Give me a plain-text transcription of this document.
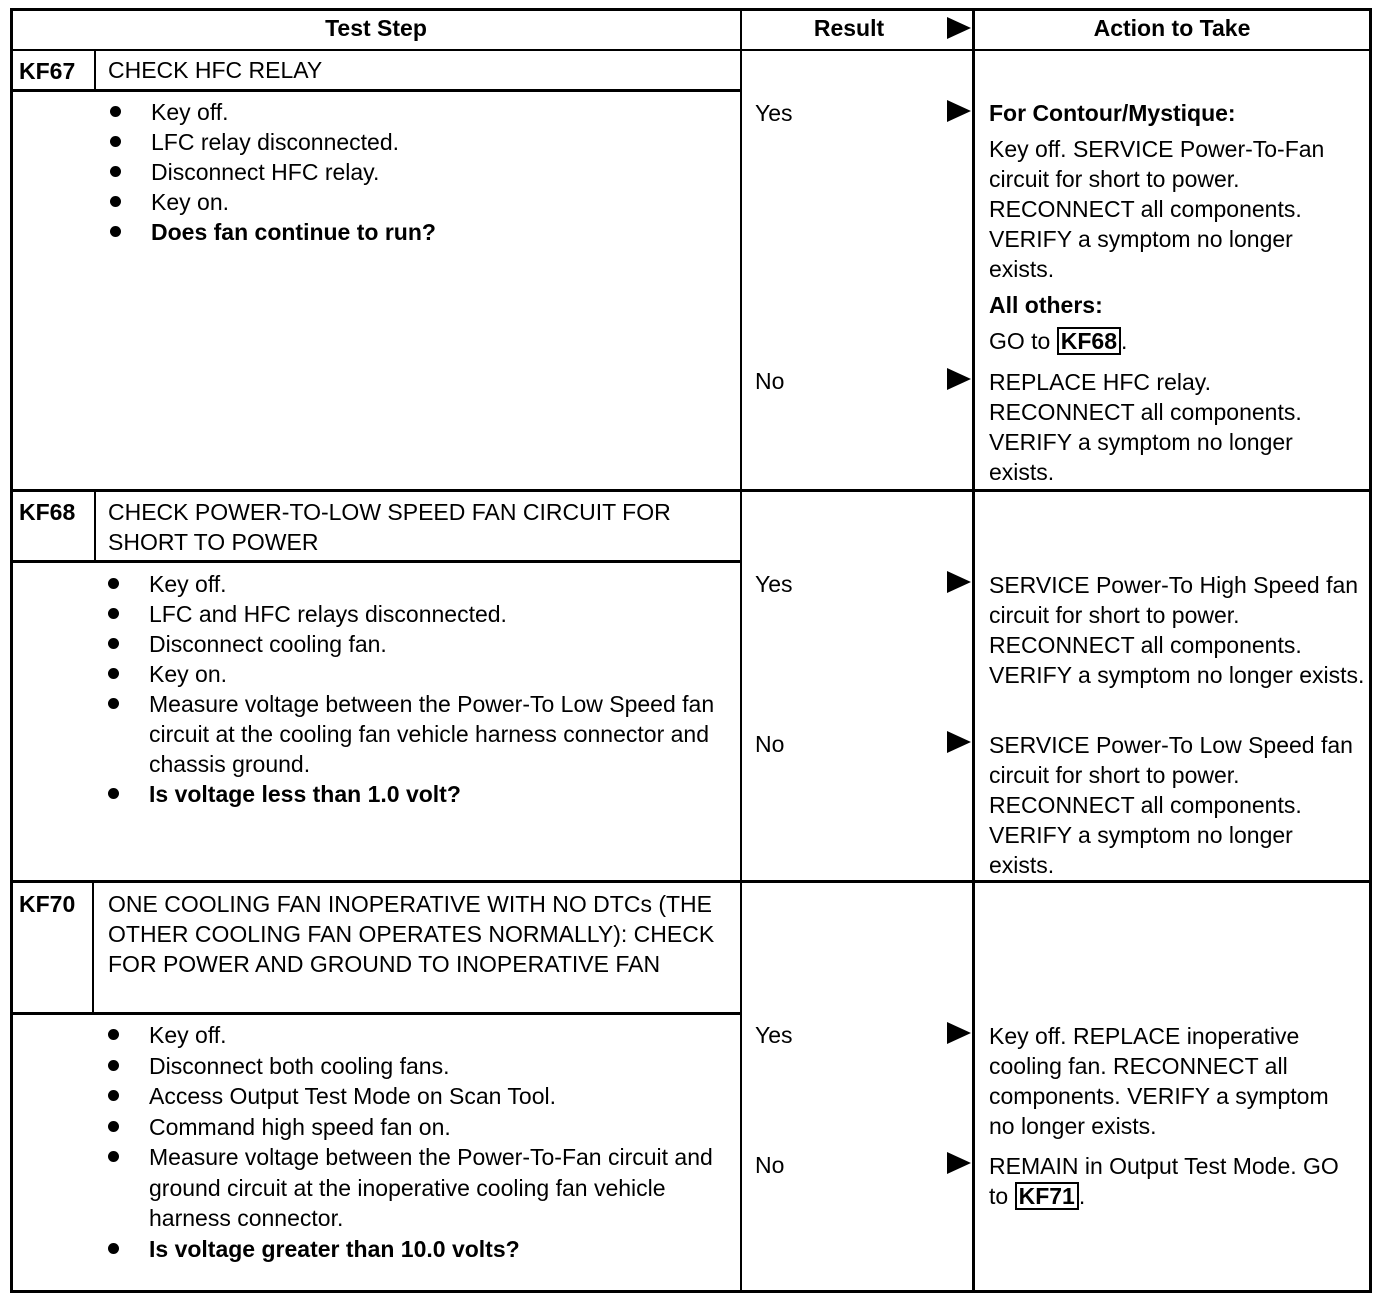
Test Step	Result	Action to Take
KF67 CHECK HFC RELAY
Key off.
LFC relay disconnected.
Disconnect HFC relay.
Key on.
Does fan continue to run?
Yes	For Contour/Mystique:

Key off. SERVICE Power-To-Fan circuit for short to power. RECONNECT all components. VERIFY a symptom no longer exists.

All others:

GO to KF68 .

No	REPLACE HFC relay. RECONNECT all components. VERIFY a symptom no longer exists.
KF68 CHECK POWER-TO-LOW SPEED FAN CIRCUIT FOR SHORT TO POWER
Key off.
LFC and HFC relays disconnected.
Disconnect cooling fan.
Key on.
Measure voltage between the Power-To Low Speed fan circuit at the cooling fan vehicle harness connector and chassis ground.
Is voltage less than 1.0 volt?
Yes	SERVICE Power-To High Speed fan circuit for short to power. RECONNECT all components. VERIFY a symptom no longer exists.
No	SERVICE Power-To Low Speed fan circuit for short to power. RECONNECT all components. VERIFY a symptom no longer exists.
KF70 ONE COOLING FAN INOPERATIVE WITH NO DTCs (THE OTHER COOLING FAN OPERATES NORMALLY): CHECK FOR POWER AND GROUND TO INOPERATIVE FAN
Key off.
Disconnect both cooling fans.
Access Output Test Mode on Scan Tool.
Command high speed fan on.
Measure voltage between the Power-To-Fan circuit and ground circuit at the inoperative cooling fan vehicle harness connector.
Is voltage greater than 10.0 volts?
Yes	Key off. REPLACE inoperative cooling fan. RECONNECT all components. VERIFY a symptom no longer exists.
No	REMAIN in Output Test Mode. GO to KF71 .
